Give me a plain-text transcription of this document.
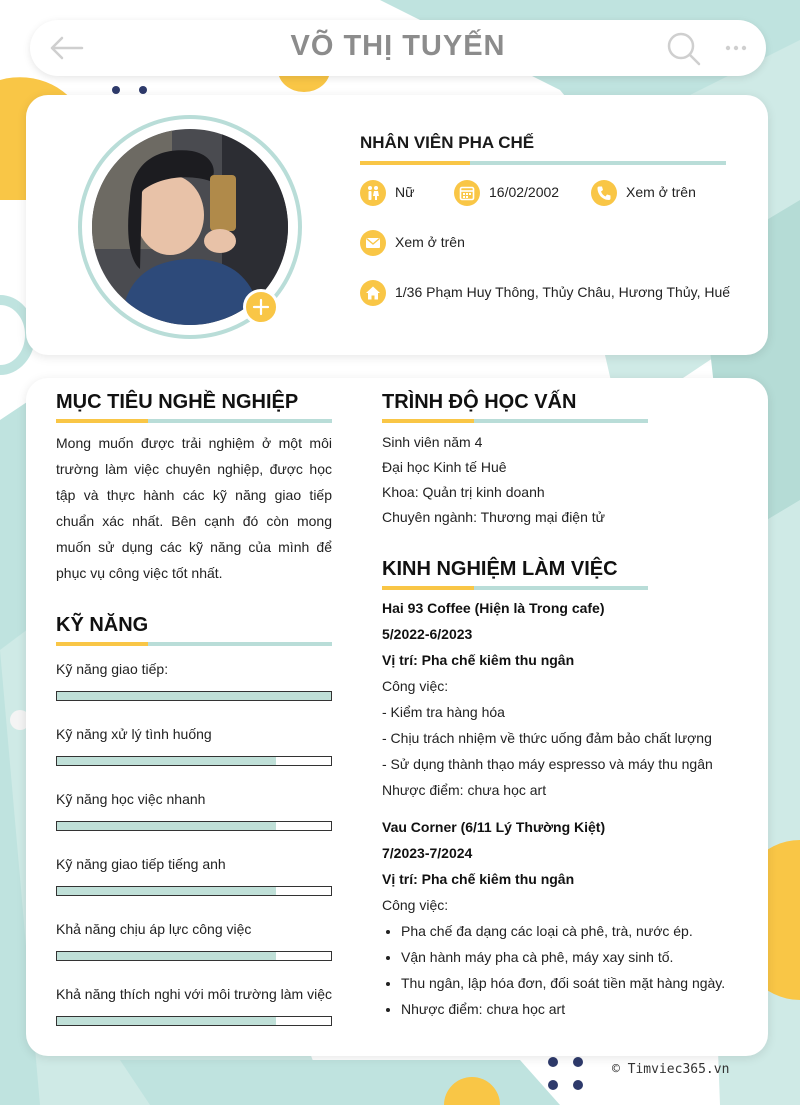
VÕ THỊ TUYẾN
NHÂN VIÊN PHA CHẾ
Nữ	16/02/2002	Xem ở trên
Xem ở trên
1/36 Phạm Huy Thông, Thủy Châu, Hương Thủy, Huế
MỤC TIÊU NGHỀ NGHIỆP
Mong muốn được trải nghiệm ở một môi trường làm việc chuyên nghiệp, được học tập và thực hành các kỹ năng giao tiếp chuẩn xác nhất. Bên cạnh đó còn mong muốn sử dụng các kỹ năng của mình để phục vụ công việc tốt nhất.
KỸ NĂNG
Kỹ năng giao tiếp:
Kỹ năng xử lý tình huống
Kỹ năng học việc nhanh
Kỹ năng giao tiếp tiếng anh
Khả năng chịu áp lực công việc
Khả năng thích nghi với môi trường làm việc
TRÌNH ĐỘ HỌC VẤN
Sinh viên năm 4
Đại học Kinh tế Huê
Khoa: Quản trị kinh doanh
Chuyên ngành: Thương mại điện tử
KINH NGHIỆM LÀM VIỆC
Hai 93 Coffee (Hiện là Trong cafe)
5/2022-6/2023
Vị trí: Pha chế kiêm thu ngân
Công việc:
- Kiểm tra hàng hóa
- Chịu trách nhiệm về thức uống đảm bảo chất lượng
- Sử dụng thành thạo máy espresso và máy thu ngân
Nhược điểm: chưa học art
Vau Corner (6/11 Lý Thường Kiệt)
7/2023-7/2024
Vị trí: Pha chế kiêm thu ngân
Công việc:
• Pha chế đa dạng các loại cà phê, trà, nước ép.
• Vận hành máy pha cà phê, máy xay sinh tố.
• Thu ngân, lập hóa đơn, đối soát tiền mặt hàng ngày.
• Nhược điểm: chưa học art
© Timviec365.vn
